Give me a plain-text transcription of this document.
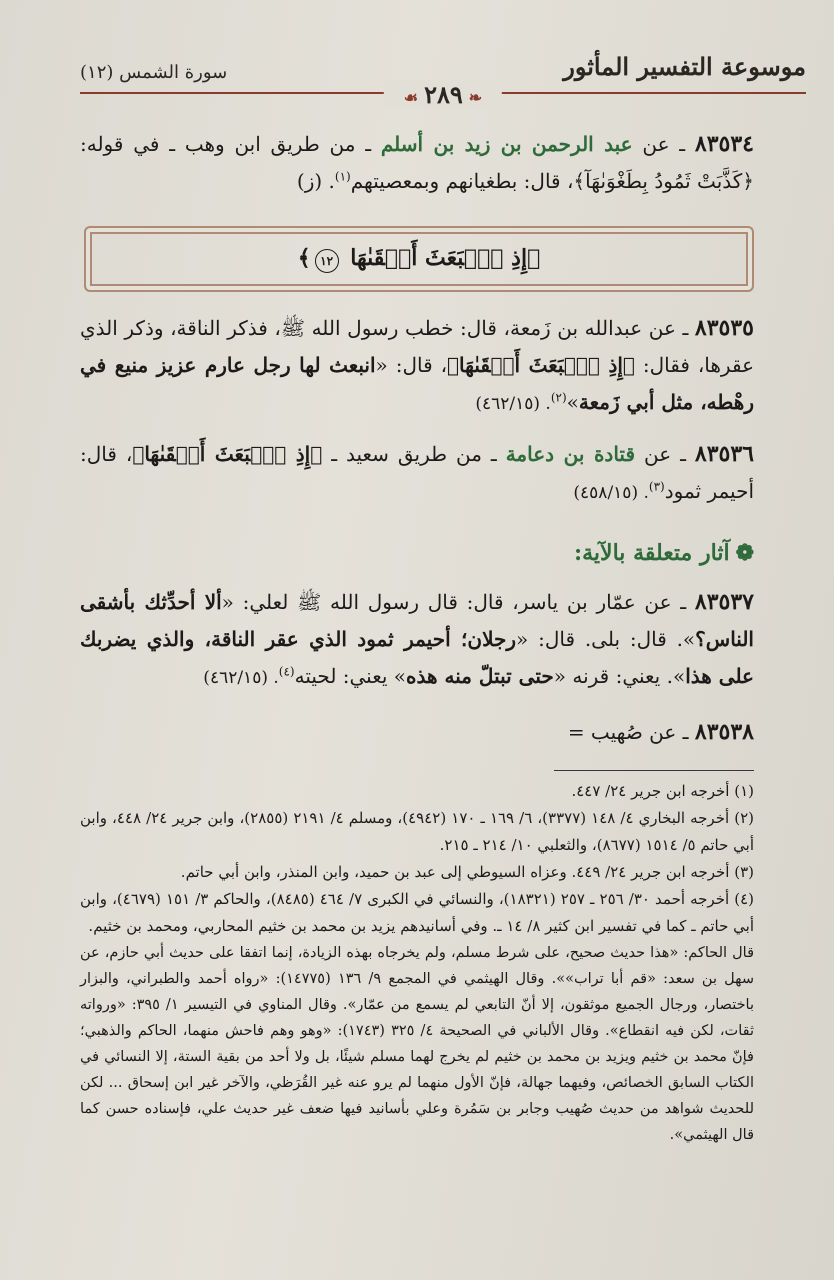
موسوعة التفسير المأثور
سورة الشمس (١٢)
❧٢٨٩☙

٨٣٥٣٤ ـ عن عبد الرحمن بن زيد بن أسلم ـ من طريق ابن وهب ـ في قوله: ﴿كَذَّبَتْ ثَمُودُ بِطَغْوَىٰهَآ﴾، قال: بطغيانهم وبمعصيتهم$^{(١)}$. (ز)

﴿إِذِ ٱنۢبَعَثَ أَشۡقَىٰهَا ١٢﴾

٨٣٥٣٥ ـ عن عبدالله بن زَمعة، قال: خطب رسول الله ﷺ، فذكر الناقة، وذكر الذي عقرها، فقال: ﴿إِذِ ٱنۢبَعَثَ أَشۡقَىٰهَا﴾، قال: «انبعث لها رجل عارم عزيز منيع في رهْطه، مثل أبي زَمعة»$^{(٢)}$. (٤٦٢/١٥)

٨٣٥٣٦ ـ عن قتادة بن دعامة ـ من طريق سعيد ـ ﴿إِذِ ٱنۢبَعَثَ أَشۡقَىٰهَا﴾، قال: أحيمر ثمود$^{(٣)}$. (٤٥٨/١٥)

❁آثار متعلقة بالآية:

٨٣٥٣٧ ـ عن عمّار بن ياسر، قال: قال رسول الله ﷺ لعلي: «ألا أحدِّثك بأشقى الناس؟». قال: بلى. قال: «رجلان؛ أحيمر ثمود الذي عقر الناقة، والذي يضربك على هذا». يعني: قرنه «حتى تبتلّ منه هذه» يعني: لحيته$^{(٤)}$. (٤٦٢/١٥)

٨٣٥٣٨ ـ عن صُهيب =

(١) أخرجه ابن جرير ٢٤/ ٤٤٧.

(٢) أخرجه البخاري ٤/ ١٤٨ (٣٣٧٧)، ٦/ ١٦٩ ـ ١٧٠ (٤٩٤٢)، ومسلم ٤/ ٢١٩١ (٢٨٥٥)، وابن جرير ٢٤/ ٤٤٨، وابن أبي حاتم ٥/ ١٥١٤ (٨٦٧٧)، والثعلبي ١٠/ ٢١٤ ـ ٢١٥.

(٣) أخرجه ابن جرير ٢٤/ ٤٤٩. وعزاه السيوطي إلى عبد بن حميد، وابن المنذر، وابن أبي حاتم.

(٤) أخرجه أحمد ٣٠/ ٢٥٦ ـ ٢٥٧ (١٨٣٢١)، والنسائي في الكبرى ٧/ ٤٦٤ (٨٤٨٥)، والحاكم ٣/ ١٥١ (٤٦٧٩)، وابن أبي حاتم ـ كما في تفسير ابن كثير ٨/ ١٤ ـ. وفي أسانيدهم يزيد بن محمد بن خثيم المحاربي، ومحمد بن خثيم.

قال الحاكم: «هذا حديث صحيح، على شرط مسلم، ولم يخرجاه بهذه الزيادة، إنما اتفقا على حديث أبي حازم، عن سهل بن سعد: «قم أبا تراب»». وقال الهيثمي في المجمع ٩/ ١٣٦ (١٤٧٧٥): «رواه أحمد والطبراني، والبزار باختصار، ورجال الجميع موثقون، إلا أنّ التابعي لم يسمع من عمّار». وقال المناوي في التيسير ١/ ٣٩٥: «ورواته ثقات، لكن فيه انقطاع». وقال الألباني في الصحيحة ٤/ ٣٢٥ (١٧٤٣): «وهو وهم فاحش منهما، الحاكم والذهبي؛ فإنّ محمد بن خثيم ويزيد بن محمد بن خثيم لم يخرج لهما مسلم شيئًا، بل ولا أحد من بقية الستة، إلا النسائي في الكتاب السابق الخصائص، وفيهما جهالة، فإنّ الأول منهما لم يرو عنه غير القُرَظي، والآخر غير ابن إسحاق ... لكن للحديث شواهد من حديث صُهيب وجابر بن سَمُرة وعلي بأسانيد فيها ضعف غير حديث علي، فإسناده حسن كما قال الهيثمي».
